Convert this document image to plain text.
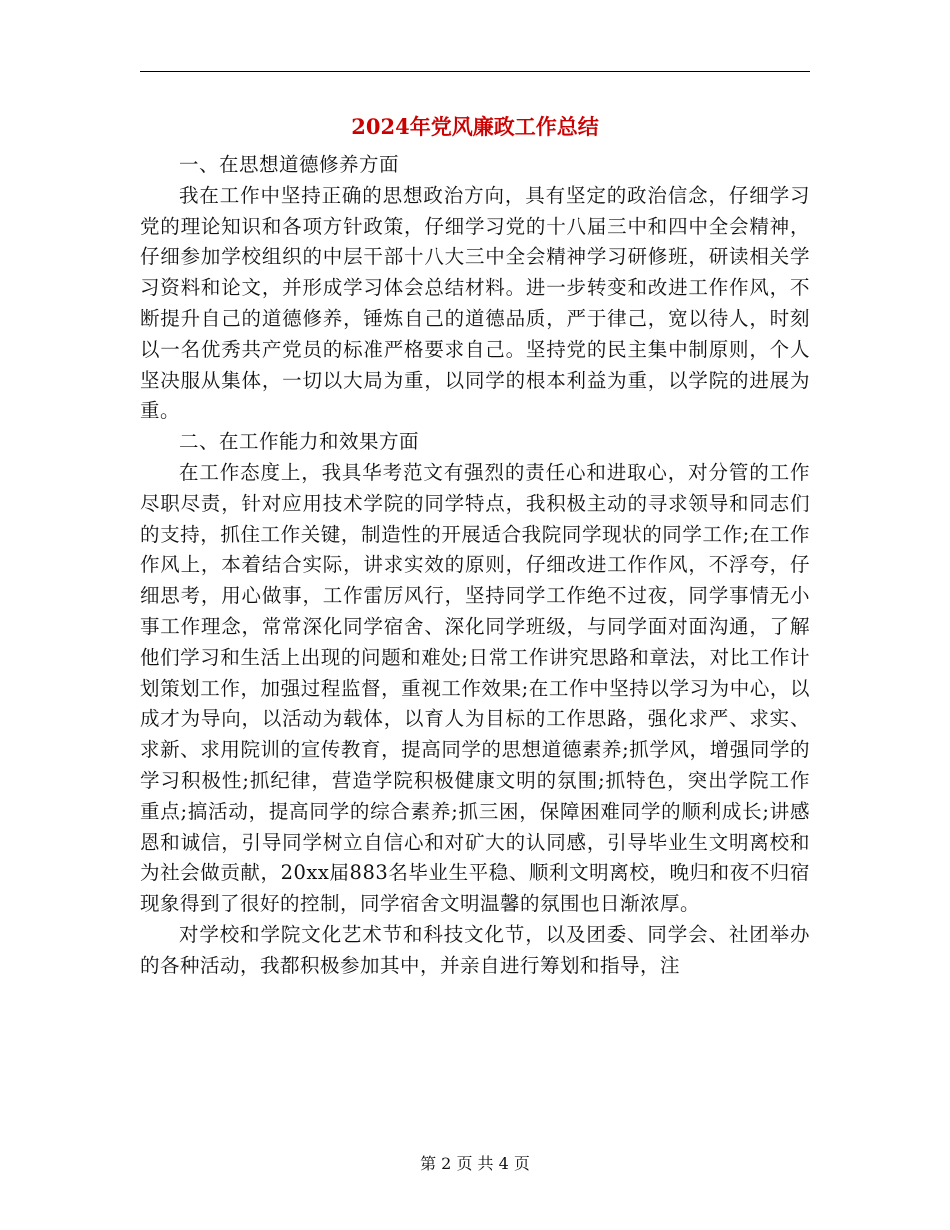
2024年党风廉政工作总结

一、在思想道德修养方面

我在工作中坚持正确的思想政治方向，具有坚定的政治信念，仔细学习党的理论知识和各项方针政策，仔细学习党的十八届三中和四中全会精神，仔细参加学校组织的中层干部十八大三中全会精神学习研修班，研读相关学习资料和论文，并形成学习体会总结材料。进一步转变和改进工作作风，不断提升自己的道德修养，锤炼自己的道德品质，严于律己，宽以待人，时刻以一名优秀共产党员的标准严格要求自己。坚持党的民主集中制原则，个人坚决服从集体，一切以大局为重，以同学的根本利益为重，以学院的进展为重。

二、在工作能力和效果方面

在工作态度上，我具华考范文有强烈的责任心和进取心，对分管的工作尽职尽责，针对应用技术学院的同学特点，我积极主动的寻求领导和同志们的支持，抓住工作关键，制造性的开展适合我院同学现状的同学工作;在工作作风上，本着结合实际，讲求实效的原则，仔细改进工作作风，不浮夸，仔细思考，用心做事，工作雷厉风行，坚持同学工作绝不过夜，同学事情无小事工作理念，常常深化同学宿舍、深化同学班级，与同学面对面沟通，了解他们学习和生活上出现的问题和难处;日常工作讲究思路和章法，对比工作计划策划工作，加强过程监督，重视工作效果;在工作中坚持以学习为中心，以成才为导向，以活动为载体，以育人为目标的工作思路，强化求严、求实、求新、求用院训的宣传教育，提高同学的思想道德素养;抓学风，增强同学的学习积极性;抓纪律，营造学院积极健康文明的氛围;抓特色，突出学院工作重点;搞活动，提高同学的综合素养;抓三困，保障困难同学的顺利成长;讲感恩和诚信，引导同学树立自信心和对矿大的认同感，引导毕业生文明离校和为社会做贡献，20xx届883名毕业生平稳、顺利文明离校，晚归和夜不归宿现象得到了很好的控制，同学宿舍文明温馨的氛围也日渐浓厚。

对学校和学院文化艺术节和科技文化节，以及团委、同学会、社团举办的各种活动，我都积极参加其中，并亲自进行筹划和指导，注

第 2 页 共 4 页
